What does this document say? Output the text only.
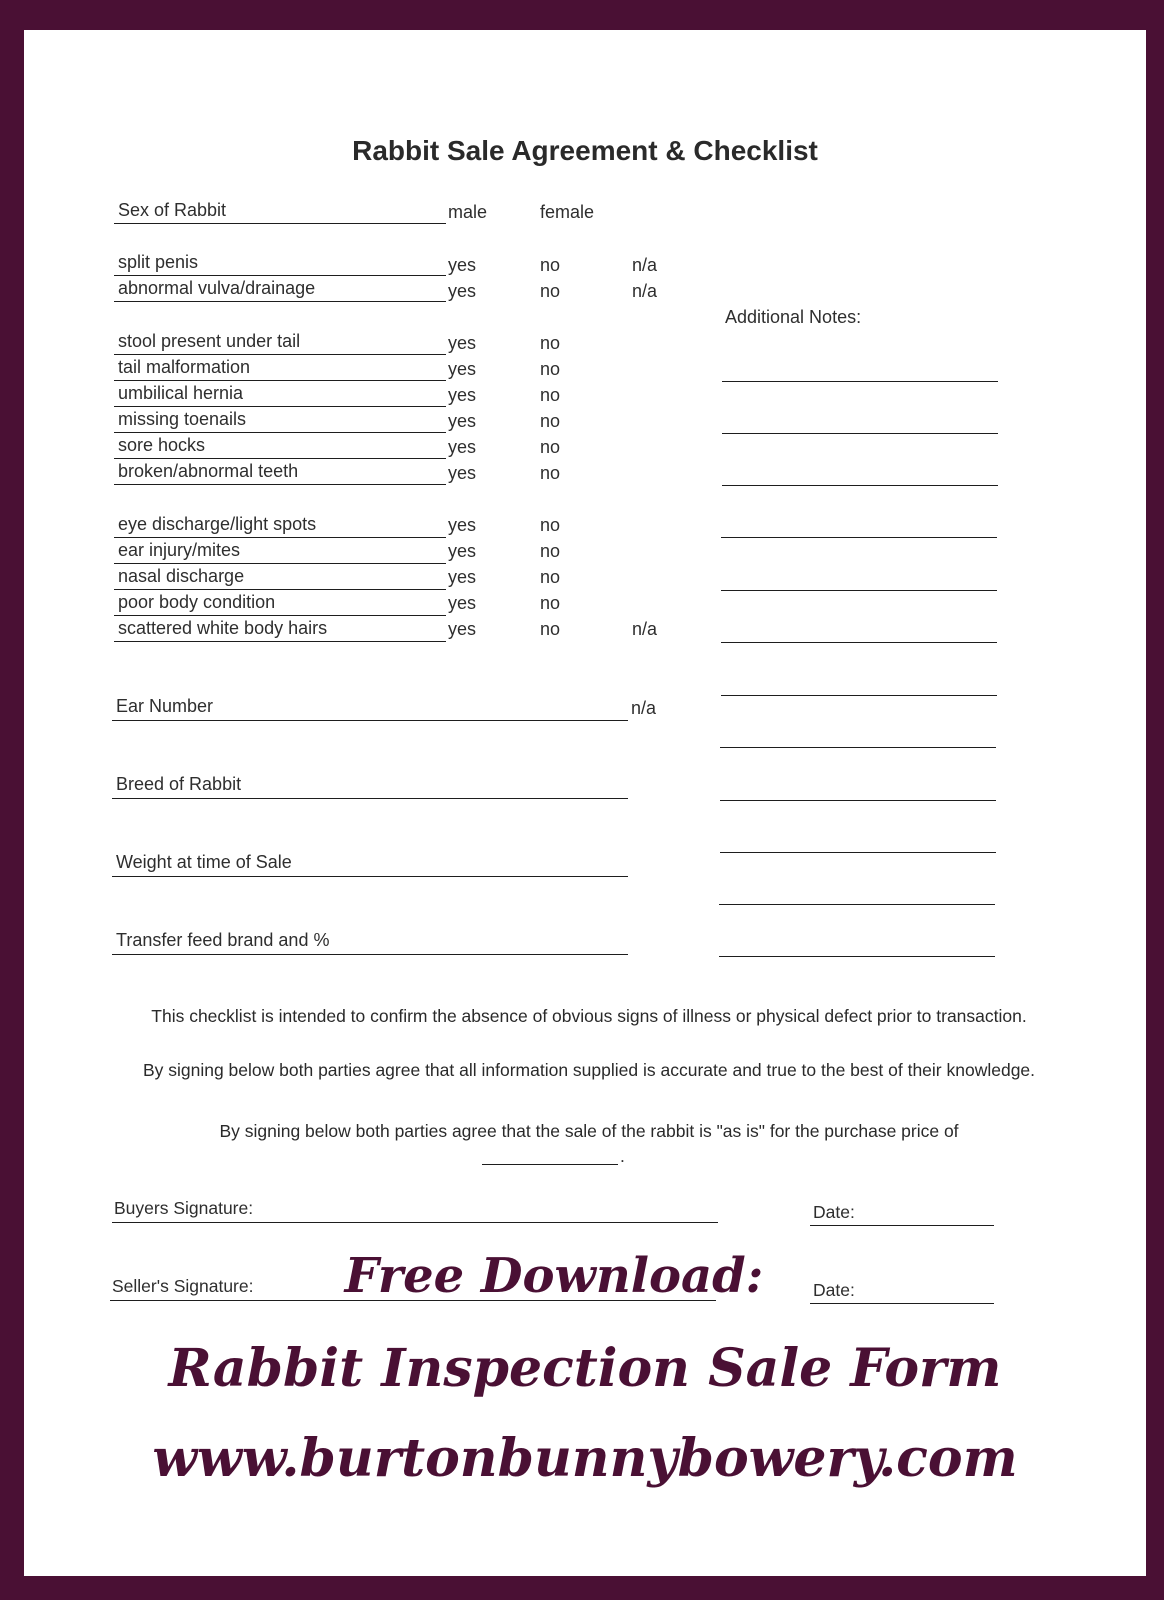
Rabbit Sale Agreement & Checklist
Sex of Rabbit	male	female
split penis	yes	no	n/a
abnormal vulva/drainage	yes	no	n/a
stool present under tail	yes	no
tail malformation	yes	no
umbilical hernia	yes	no
missing toenails	yes	no
sore hocks	yes	no
broken/abnormal teeth	yes	no
eye discharge/light spots	yes	no
ear injury/mites	yes	no
nasal discharge	yes	no
poor body condition	yes	no
scattered white body hairs	yes	no	n/a
Ear Number	n/a
Breed of Rabbit
Weight at time of Sale
Transfer feed brand and %
Additional Notes:
This checklist is intended to confirm the absence of obvious signs of illness or physical defect prior to transaction.
By signing below both parties agree that all information supplied is accurate and true to the best of their knowledge.
By signing below both parties agree that the sale of the rabbit is "as is" for the purchase price of
.
Buyers Signature:	Date:
Seller's Signature:	Date:
Free Download:
Rabbit Inspection Sale Form
www.burtonbunnybowery.com
